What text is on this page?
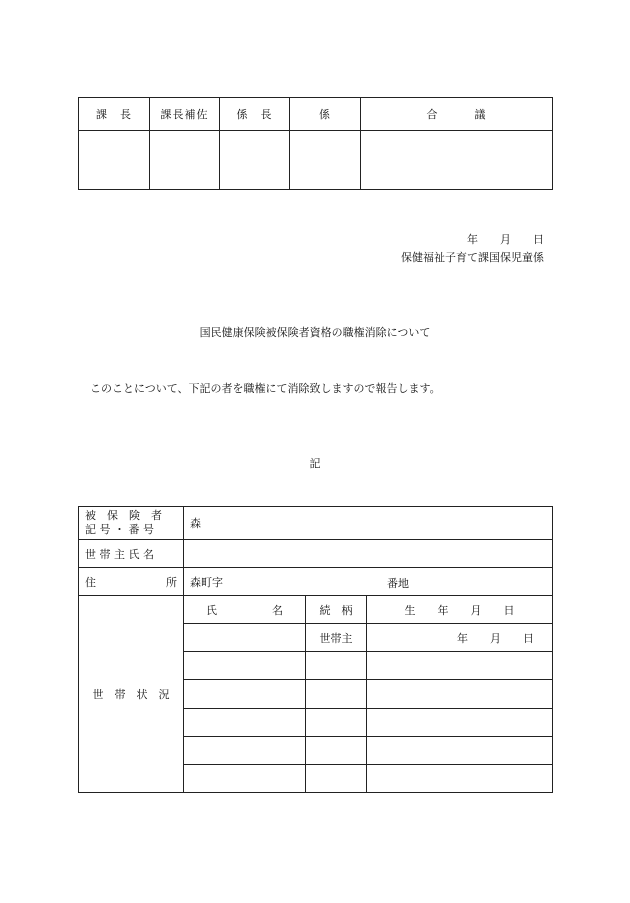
課　長	課長補佐	係　長	係	合　　　議

年　　月　　日
保健福祉子育て課国保児童係
国民健康保険被保険者資格の職権消除について
このことについて、下記の者を職権にて消除致しますので報告します。
記
被　保　険　者
記 号 ・ 番 号	森		
世 帯 主 氏 名			
住 所	森町字 番地		

世　帯　状　況	氏　　　　　名	続　柄	生　　年　　月　　日
		世帯主	年　　月　　日
